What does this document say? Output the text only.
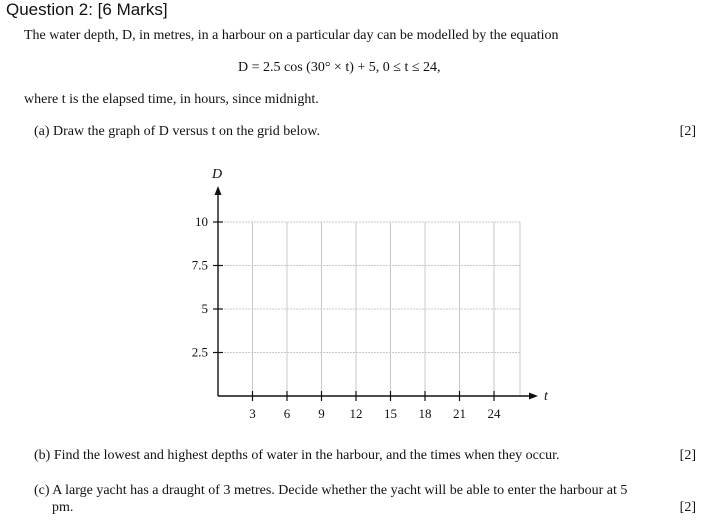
Question 2: [6 Marks]
The water depth, D, in metres, in a harbour on a particular day can be modelled by the equation
D = 2.5 cos (30° × t) + 5, 0 ≤ t ≤ 24,
where t is the elapsed time, in hours, since midnight.
(a) Draw the graph of D versus t on the grid below.	[2]
D
t
3 6 9 12 15 18 21 24
2.5
5
7.5
10
(b) Find the lowest and highest depths of water in the harbour, and the times when they occur.	[2]
(c) A large yacht has a draught of 3 metres. Decide whether the yacht will be able to enter the harbour at 5
pm.	[2]
